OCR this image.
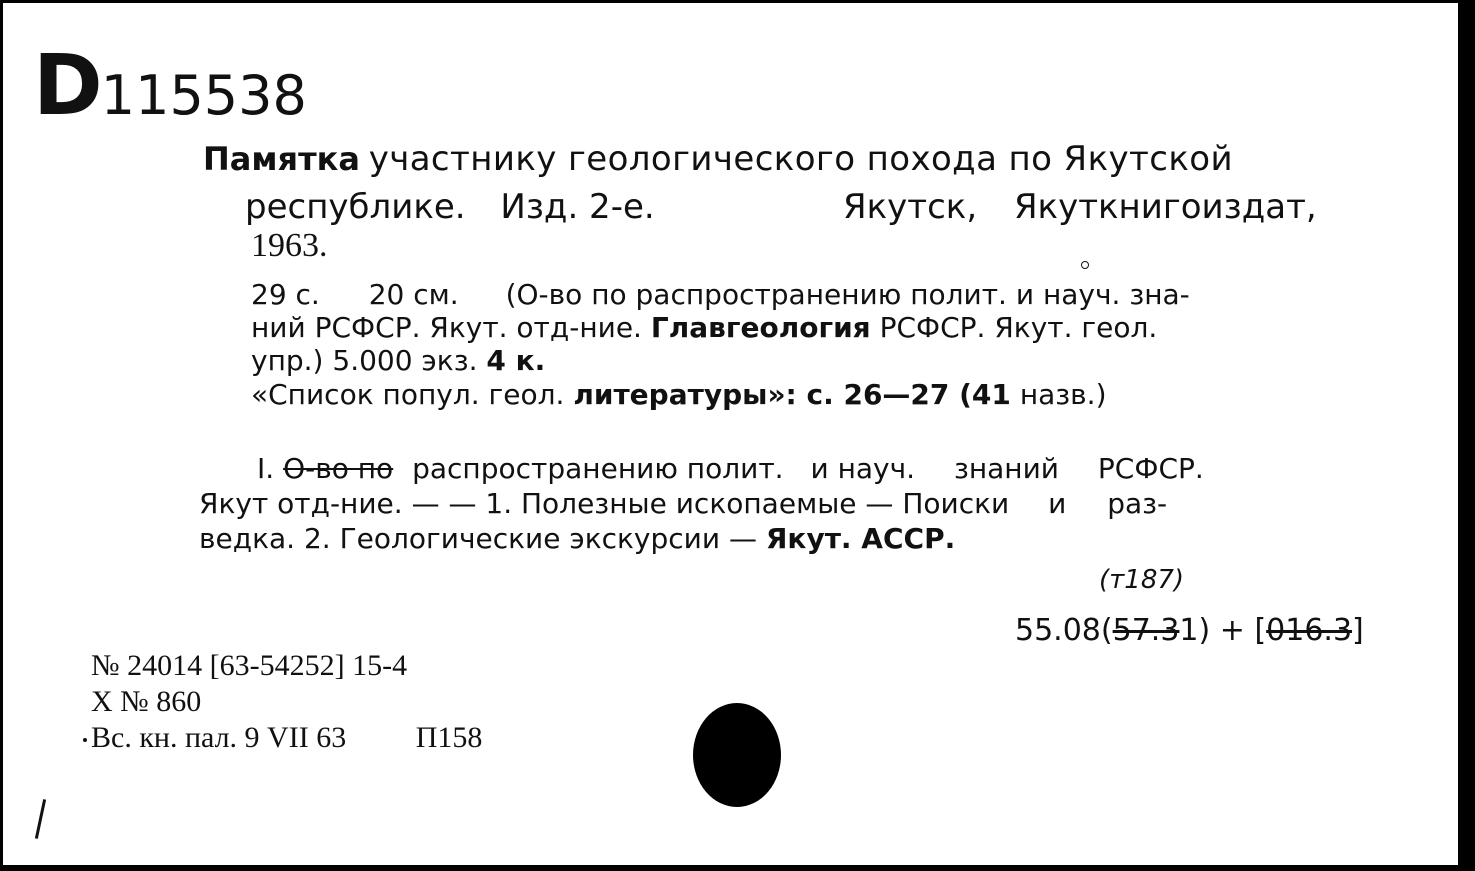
D115538
Памятка участнику геологического похода по Якутской
республике. Изд. 2-е.	Якутск, Якуткнигоиздат,
1963.
29 с. 20 см. (О-во по распространению полит. и науч. зна-
ний РСФСР. Якут. отд-ние. Главгеология РСФСР. Якут. геол.
упр.) 5.000 экз. 4 к.
«Список попул. геол. литературы»: с. 26—27 (41 назв.)
I. О-во по распространению полит. и науч. знаний РСФСР.
Якут отд-ние. — — 1. Полезные ископаемые — Поиски и раз-
ведка. 2. Геологические экскурсии — Якут. АССР.
(т187)
55.08(57.31) + [016.3]
№ 24014 [63-54252] 15-4
Х № 860
Вс. кн. пал. 9 VII 63 П158
